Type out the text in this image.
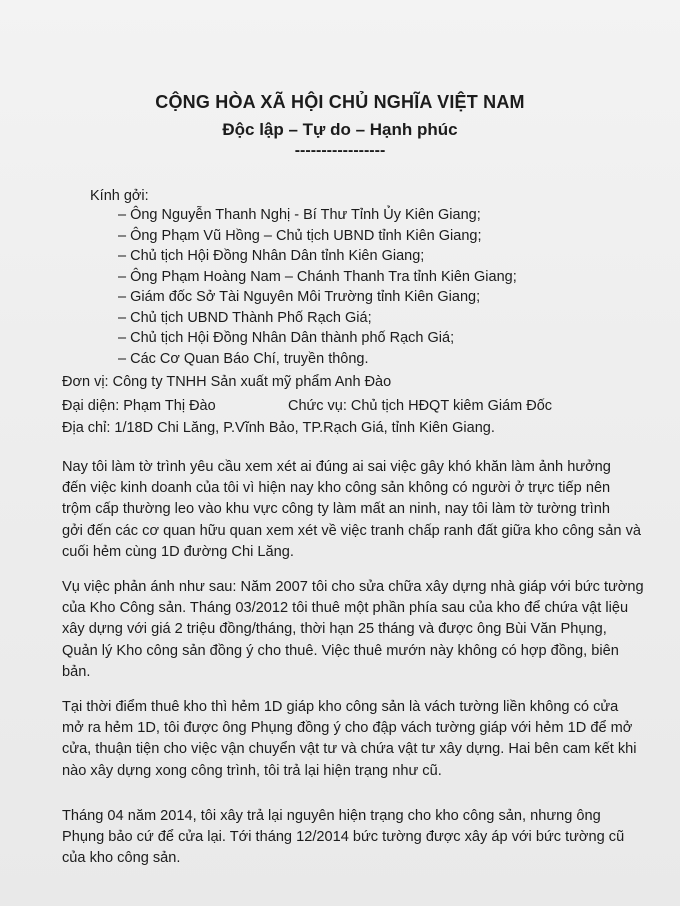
CỘNG HÒA XÃ HỘI CHỦ NGHĨA VIỆT NAM
Độc lập – Tự do – Hạnh phúc
-----------------
Kính gởi:
– Ông Nguyễn Thanh Nghị - Bí Thư Tỉnh Ủy Kiên Giang;
– Ông Phạm Vũ Hồng – Chủ tịch UBND tỉnh Kiên Giang;
– Chủ tịch Hội Đồng Nhân Dân tỉnh Kiên Giang;
– Ông Phạm Hoàng Nam – Chánh Thanh Tra tỉnh Kiên Giang;
– Giám đốc Sở Tài Nguyên Môi Trường tỉnh Kiên Giang;
– Chủ tịch UBND Thành Phố Rạch Giá;
– Chủ tịch Hội Đồng Nhân Dân thành phố Rạch Giá;
– Các Cơ Quan Báo Chí, truyền thông.
Đơn vị: Công ty TNHH Sản xuất mỹ phẩm Anh Đào
Đại diện: Phạm Thị Đào	Chức vụ: Chủ tịch HĐQT kiêm Giám Đốc
Địa chỉ: 1/18D Chi Lăng, P.Vĩnh Bảo, TP.Rạch Giá, tỉnh Kiên Giang.

Nay tôi làm tờ trình yêu cầu xem xét ai đúng ai sai việc gây khó khăn làm ảnh hưởng
đến việc kinh doanh của tôi vì hiện nay kho công sản không có người ở trực tiếp nên
trộm cấp thường leo vào khu vực công ty làm mất an ninh, nay tôi làm tờ tường trình
gởi đến các cơ quan hữu quan xem xét về việc tranh chấp ranh đất giữa kho công sản và
cuối hẻm cùng 1D đường Chi Lăng.

Vụ việc phản ánh như sau: Năm 2007 tôi cho sửa chữa xây dựng nhà giáp với bức tường
của Kho Công sản. Tháng 03/2012 tôi thuê một phần phía sau của kho để chứa vật liệu
xây dựng với giá 2 triệu đồng/tháng, thời hạn 25 tháng và được ông Bùi Văn Phụng,
Quản lý Kho công sản đồng ý cho thuê. Việc thuê mướn này không có hợp đồng, biên
bản.

Tại thời điểm thuê kho thì hẻm 1D giáp kho công sản là vách tường liền không có cửa
mở ra hẻm 1D, tôi được ông Phụng đồng ý cho đập vách tường giáp với hẻm 1D để mở
cửa, thuận tiện cho việc vận chuyển vật tư và chứa vật tư xây dựng. Hai bên cam kết khi
nào xây dựng xong công trình, tôi trả lại hiện trạng như cũ.

Tháng 04 năm 2014, tôi xây trả lại nguyên hiện trạng cho kho công sản, nhưng ông
Phụng bảo cứ để cửa lại. Tới tháng 12/2014 bức tường được xây áp với bức tường cũ
của kho công sản.
